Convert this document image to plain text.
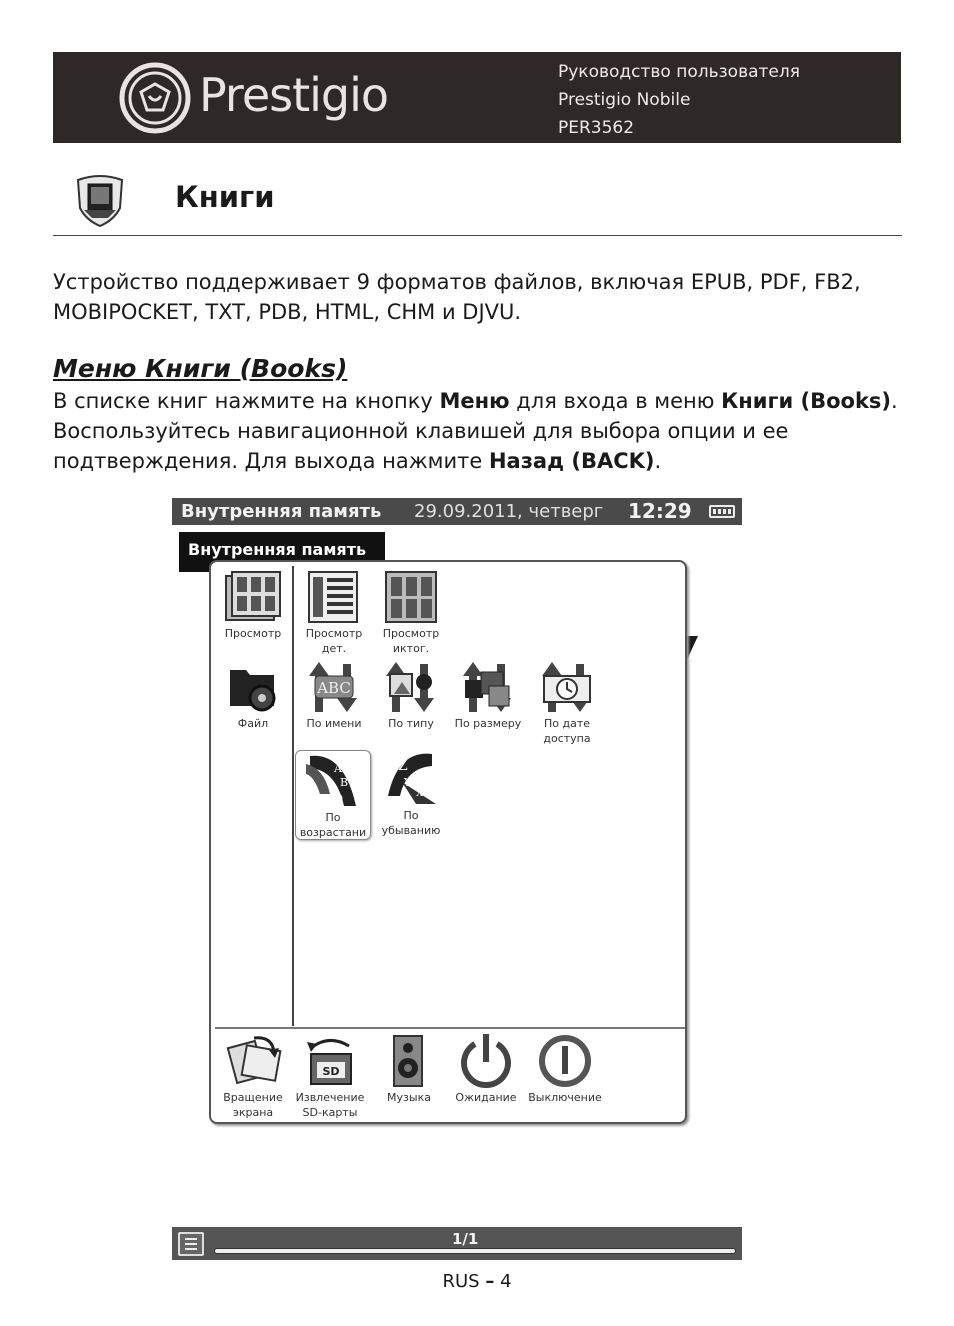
Prestigio	Руководство пользователя
Prestigio Nobile
PER3562
Книги
Устройство поддерживает 9 форматов файлов, включая EPUB, PDF, FB2, MOBIPOCKET, TXT, PDB, HTML, CHM и DJVU.
Меню Книги (Books)
В списке книг нажмите на кнопку Меню для входа в меню Книги (Books). Воспользуйтесь навигационной клавишей для выбора опции и ее подтверждения. Для выхода нажмите Назад (BACK).
Внутренняя память 29.09.2011, четверг 12:29
Внутренняя память
Просмотр
Файл
Просмотр
дет.
Просмотр
иктог.
ABC
По имени	По типу	По размеру	По дате
доступа
A
B
D
По
возрастани
Z
Y
X
По
убыванию
Вращение
экрана
SD
Извлечение
SD-карты
Музыка	Ожидание	Выключение
1/1
RUS – 4
